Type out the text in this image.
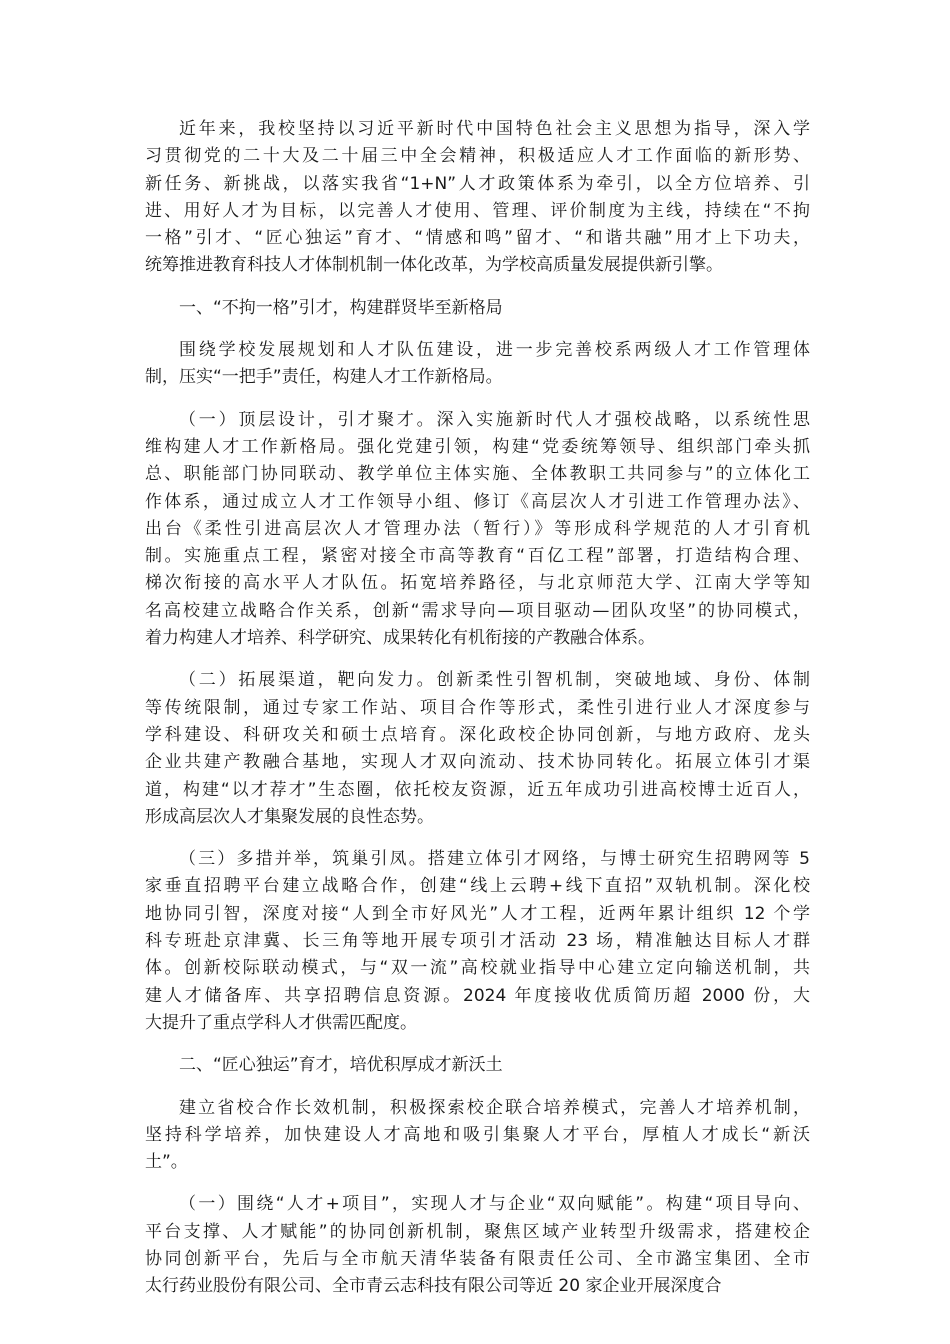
近年来，我校坚持以习近平新时代中国特色社会主义思想为指导，深入学
习贯彻党的二十大及二十届三中全会精神，积极适应人才工作面临的新形势、
新任务、新挑战，以落实我省“1+N”人才政策体系为牵引，以全方位培养、引
进、用好人才为目标，以完善人才使用、管理、评价制度为主线，持续在“不拘
一格”引才、“匠心独运”育才、“情感和鸣”留才、“和谐共融”用才上下功夫，
统筹推进教育科技人才体制机制一体化改革，为学校高质量发展提供新引擎。
一、“不拘一格”引才，构建群贤毕至新格局
围绕学校发展规划和人才队伍建设，进一步完善校系两级人才工作管理体
制，压实“一把手”责任，构建人才工作新格局。
（一）顶层设计，引才聚才。深入实施新时代人才强校战略，以系统性思
维构建人才工作新格局。强化党建引领，构建“党委统筹领导、组织部门牵头抓
总、职能部门协同联动、教学单位主体实施、全体教职工共同参与”的立体化工
作体系，通过成立人才工作领导小组、修订《高层次人才引进工作管理办法》、
出台《柔性引进高层次人才管理办法（暂行）》等形成科学规范的人才引育机
制。实施重点工程，紧密对接全市高等教育“百亿工程”部署，打造结构合理、
梯次衔接的高水平人才队伍。拓宽培养路径，与北京师范大学、江南大学等知
名高校建立战略合作关系，创新“需求导向—项目驱动—团队攻坚”的协同模式，
着力构建人才培养、科学研究、成果转化有机衔接的产教融合体系。
（二）拓展渠道，靶向发力。创新柔性引智机制，突破地域、身份、体制
等传统限制，通过专家工作站、项目合作等形式，柔性引进行业人才深度参与
学科建设、科研攻关和硕士点培育。深化政校企协同创新，与地方政府、龙头
企业共建产教融合基地，实现人才双向流动、技术协同转化。拓展立体引才渠
道，构建“以才荐才”生态圈，依托校友资源，近五年成功引进高校博士近百人，
形成高层次人才集聚发展的良性态势。
（三）多措并举，筑巢引凤。搭建立体引才网络，与博士研究生招聘网等 5
家垂直招聘平台建立战略合作，创建“线上云聘+线下直招”双轨机制。深化校
地协同引智，深度对接“人到全市好风光”人才工程，近两年累计组织 12 个学
科专班赴京津冀、长三角等地开展专项引才活动 23 场，精准触达目标人才群
体。创新校际联动模式，与“双一流”高校就业指导中心建立定向输送机制，共
建人才储备库、共享招聘信息资源。2024 年度接收优质简历超 2000 份，大
大提升了重点学科人才供需匹配度。
二、“匠心独运”育才，培优积厚成才新沃土
建立省校合作长效机制，积极探索校企联合培养模式，完善人才培养机制，
坚持科学培养，加快建设人才高地和吸引集聚人才平台，厚植人才成长“新沃
土”。
（一）围绕“人才+项目”，实现人才与企业“双向赋能”。构建“项目导向、
平台支撑、人才赋能”的协同创新机制，聚焦区域产业转型升级需求，搭建校企
协同创新平台，先后与全市航天清华装备有限责任公司、全市潞宝集团、全市
太行药业股份有限公司、全市青云志科技有限公司等近 20 家企业开展深度合
